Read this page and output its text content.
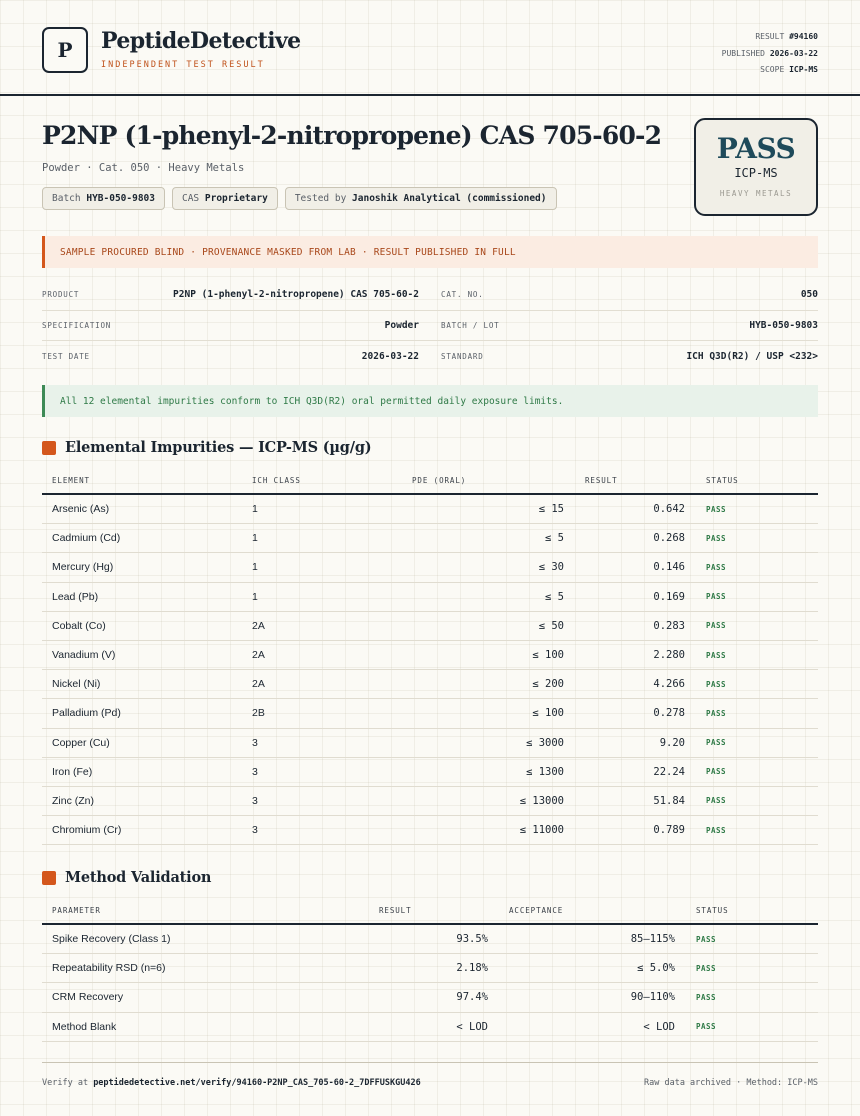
P	PeptideDetective
INDEPENDENT TEST RESULT
RESULT #94160
PUBLISHED 2026-03-22
SCOPE ICP-MS
P2NP (1-phenyl-2-nitropropene) CAS 705-60-2
Powder · Cat. 050 · Heavy Metals
Batch HYB-050-9803	CAS Proprietary	Tested by Janoshik Analytical (commissioned)
PASS
ICP-MS
HEAVY METALS
SAMPLE PROCURED BLIND · PROVENANCE MASKED FROM LAB · RESULT PUBLISHED IN FULL
PRODUCT	P2NP (1-phenyl-2-nitropropene) CAS 705-60-2	CAT. NO.	050
SPECIFICATION	Powder	BATCH / LOT	HYB-050-9803
TEST DATE	2026-03-22	STANDARD	ICH Q3D(R2) / USP <232>
All 12 elemental impurities conform to ICH Q3D(R2) oral permitted daily exposure limits.
Elemental Impurities — ICP-MS (µg/g)
ELEMENT	ICH CLASS	PDE (ORAL)	RESULT	STATUS
Arsenic (As)	1	≤ 15	0.642	PASS
Cadmium (Cd)	1	≤ 5	0.268	PASS
Mercury (Hg)	1	≤ 30	0.146	PASS
Lead (Pb)	1	≤ 5	0.169	PASS
Cobalt (Co)	2A	≤ 50	0.283	PASS
Vanadium (V)	2A	≤ 100	2.280	PASS
Nickel (Ni)	2A	≤ 200	4.266	PASS
Palladium (Pd)	2B	≤ 100	0.278	PASS
Copper (Cu)	3	≤ 3000	9.20	PASS
Iron (Fe)	3	≤ 1300	22.24	PASS
Zinc (Zn)	3	≤ 13000	51.84	PASS
Chromium (Cr)	3	≤ 11000	0.789	PASS
Method Validation
PARAMETER	RESULT	ACCEPTANCE	STATUS
Spike Recovery (Class 1)	93.5%	85–115%	PASS
Repeatability RSD (n=6)	2.18%	≤ 5.0%	PASS
CRM Recovery	97.4%	90–110%	PASS
Method Blank	< LOD	< LOD	PASS
Verify at peptidedetective.net/verify/94160-P2NP_CAS_705-60-2_7DFFUSKGU426	Raw data archived · Method: ICP-MS
